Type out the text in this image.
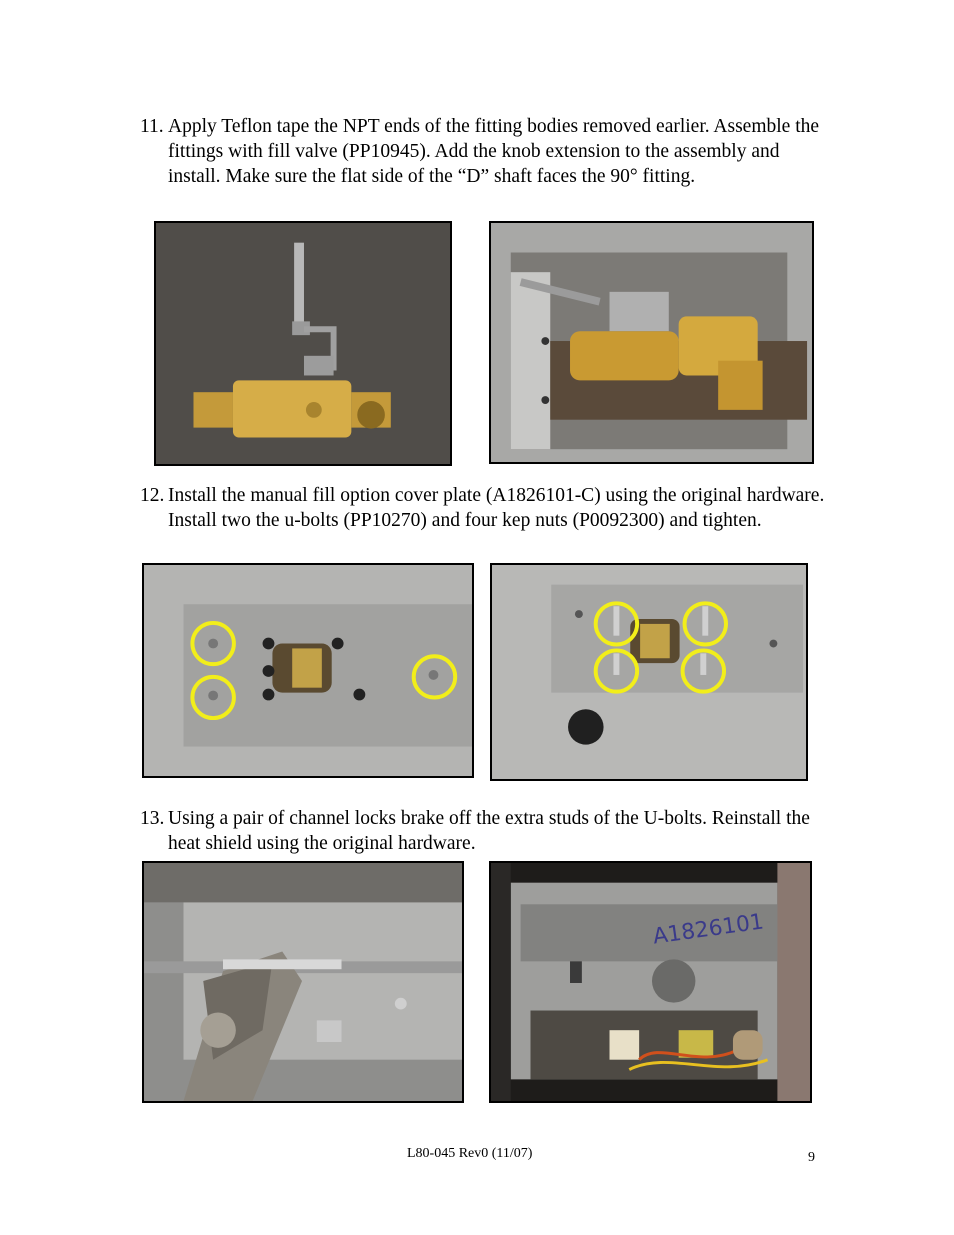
11. Apply Teflon tape the NPT ends of the fitting bodies removed earlier. Assemble the fittings with fill valve (PP10945). Add the knob extension to the assembly and install. Make sure the flat side of the “D” shaft faces the 90° fitting.
12. Install the manual fill option cover plate (A1826101-C) using the original hardware. Install two the u-bolts (PP10270) and four kep nuts (P0092300) and tighten.
13. Using a pair of channel locks brake off the extra studs of the U-bolts. Reinstall the heat shield using the original hardware.
A1826101
L80-045 Rev0 (11/07)	9
